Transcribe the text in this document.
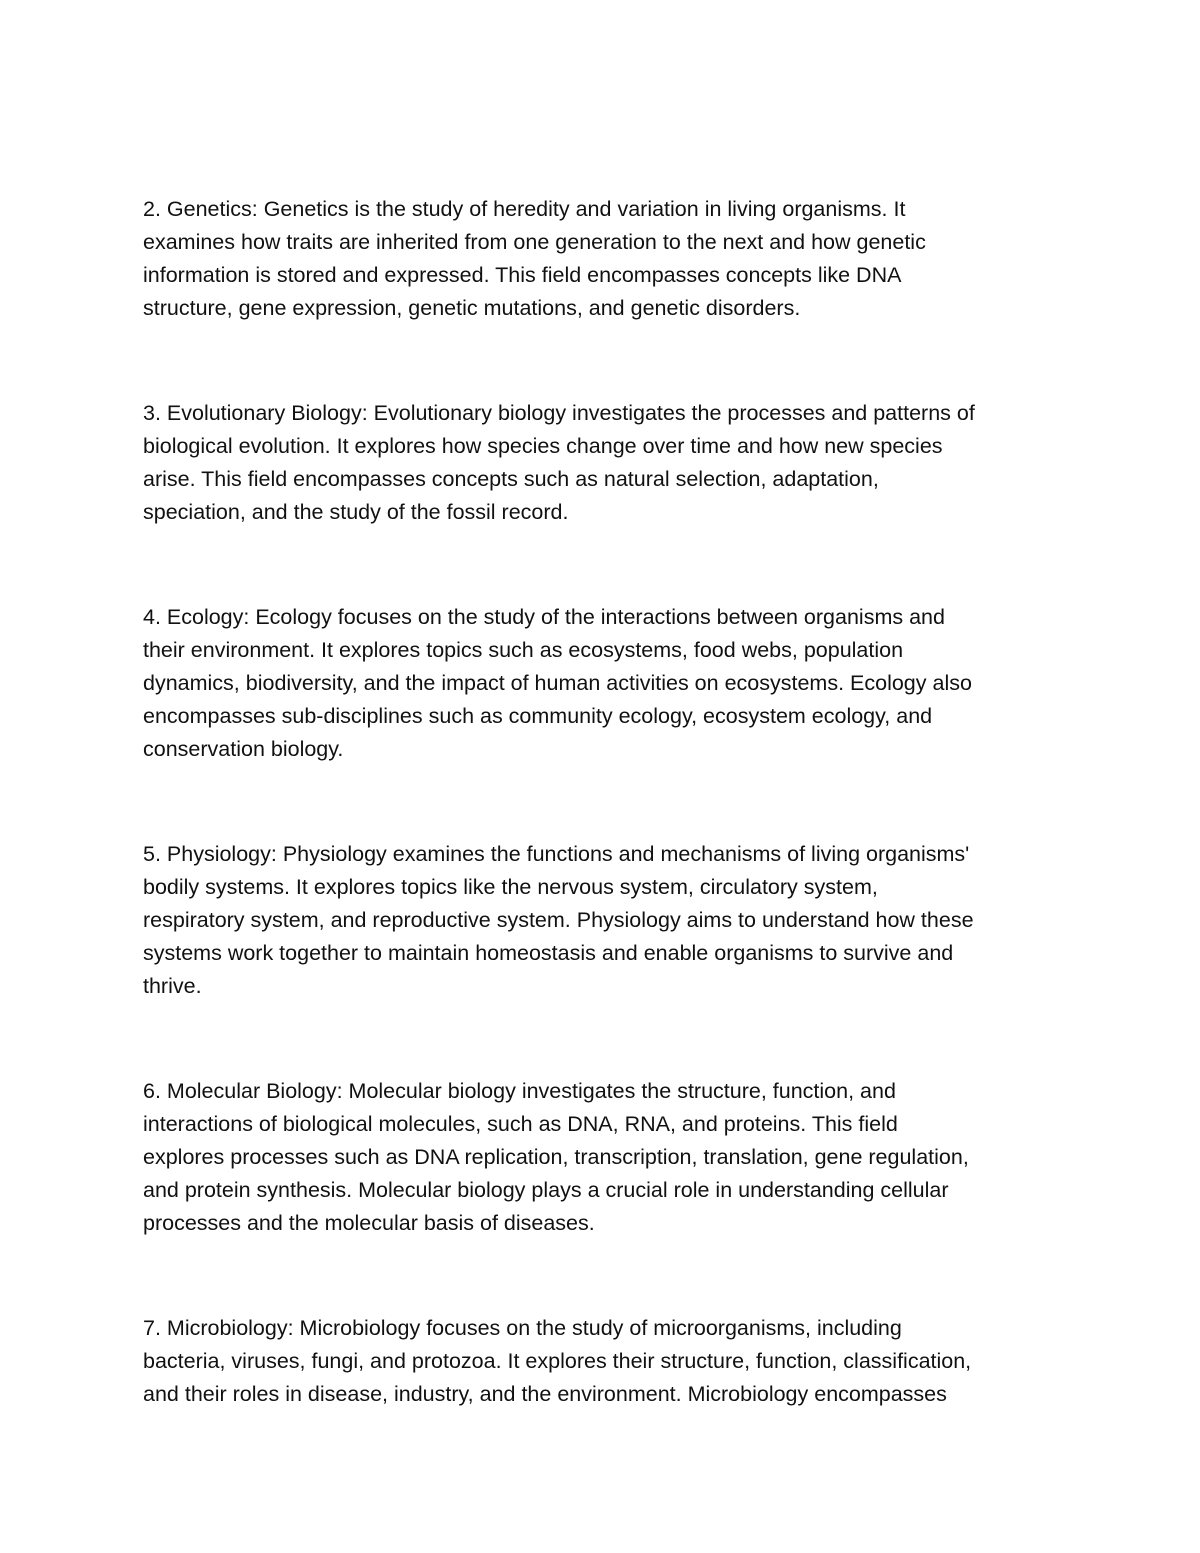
2. Genetics: Genetics is the study of heredity and variation in living organisms. It
examines how traits are inherited from one generation to the next and how genetic
information is stored and expressed. This field encompasses concepts like DNA
structure, gene expression, genetic mutations, and genetic disorders.

3. Evolutionary Biology: Evolutionary biology investigates the processes and patterns of
biological evolution. It explores how species change over time and how new species
arise. This field encompasses concepts such as natural selection, adaptation,
speciation, and the study of the fossil record.

4. Ecology: Ecology focuses on the study of the interactions between organisms and
their environment. It explores topics such as ecosystems, food webs, population
dynamics, biodiversity, and the impact of human activities on ecosystems. Ecology also
encompasses sub-disciplines such as community ecology, ecosystem ecology, and
conservation biology.

5. Physiology: Physiology examines the functions and mechanisms of living organisms'
bodily systems. It explores topics like the nervous system, circulatory system,
respiratory system, and reproductive system. Physiology aims to understand how these
systems work together to maintain homeostasis and enable organisms to survive and
thrive.

6. Molecular Biology: Molecular biology investigates the structure, function, and
interactions of biological molecules, such as DNA, RNA, and proteins. This field
explores processes such as DNA replication, transcription, translation, gene regulation,
and protein synthesis. Molecular biology plays a crucial role in understanding cellular
processes and the molecular basis of diseases.

7. Microbiology: Microbiology focuses on the study of microorganisms, including
bacteria, viruses, fungi, and protozoa. It explores their structure, function, classification,
and their roles in disease, industry, and the environment. Microbiology encompasses
